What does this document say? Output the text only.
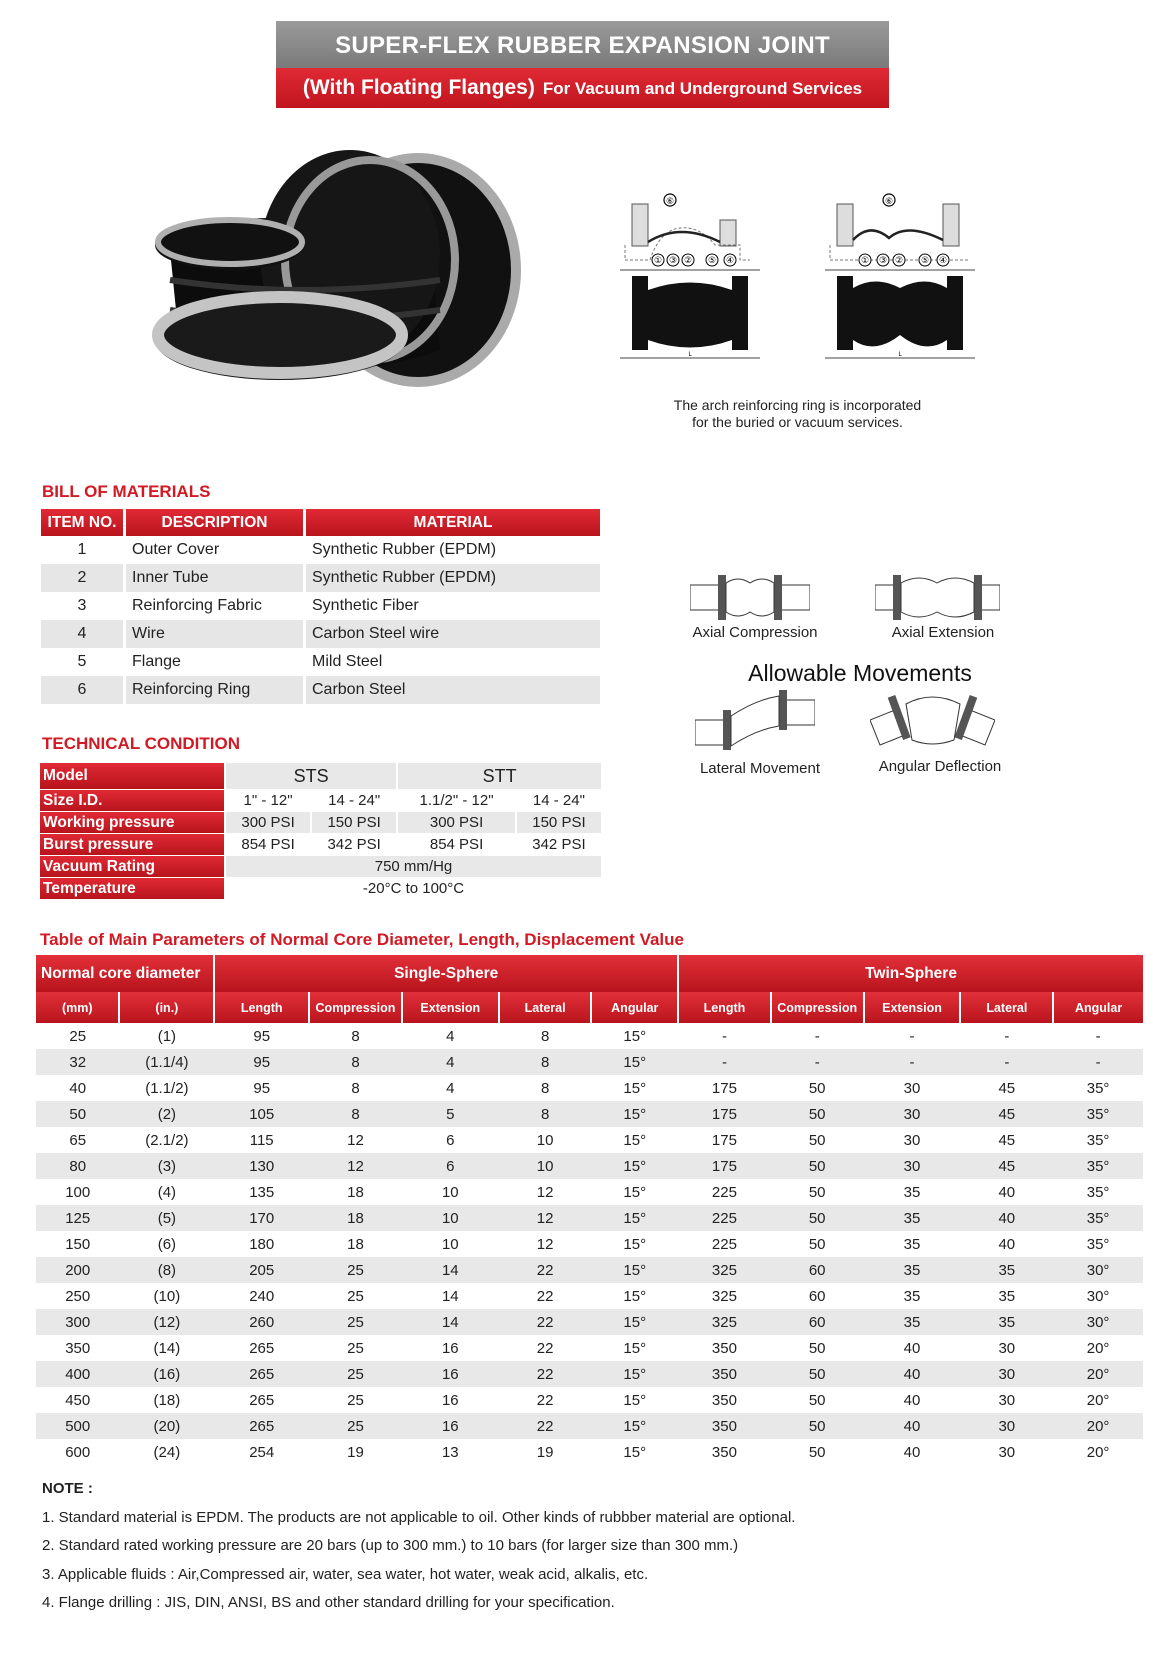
SUPER-FLEX RUBBER EXPANSION JOINT
(With Floating Flanges) For Vacuum and Underground Services
⑥
① ③ ② ⑤ ④
L
⑥
① ③ ② ⑤ ④
L
The arch reinforcing ring is incorporated
for the buried or vacuum services.
BILL OF MATERIALS
ITEM NO.	DESCRIPTION	MATERIAL
1	Outer Cover	Synthetic Rubber (EPDM)
2	Inner Tube	Synthetic Rubber (EPDM)
3	Reinforcing Fabric	Synthetic Fiber
4	Wire	Carbon Steel wire
5	Flange	Mild Steel
6	Reinforcing Ring	Carbon Steel
TECHNICAL CONDITION
Model	STS		STT	
Size I.D.	1" - 12"	14 - 24"	1.1/2" - 12"	14 - 24"
Working pressure	300 PSI	150 PSI	300 PSI	150 PSI
Burst pressure	854 PSI	342 PSI	854 PSI	342 PSI
Vacuum Rating	750 mm/Hg			
Temperature	-20°C to 100°C			
Axial Compression	Axial Extension
Allowable Movements
Lateral Movement	Angular Deflection
Table of Main Parameters of Normal Core Diameter, Length, Displacement Value
Normal core diameter		Single-Sphere					Twin-Sphere				
(mm)	(in.)	Length	Compression	Extension	Lateral	Angular	Length	Compression	Extension	Lateral	Angular
25	(1)	95	8	4	8	15°	-	-	-	-	-
32	(1.1/4)	95	8	4	8	15°	-	-	-	-	-
40	(1.1/2)	95	8	4	8	15°	175	50	30	45	35°
50	(2)	105	8	5	8	15°	175	50	30	45	35°
65	(2.1/2)	115	12	6	10	15°	175	50	30	45	35°
80	(3)	130	12	6	10	15°	175	50	30	45	35°
100	(4)	135	18	10	12	15°	225	50	35	40	35°
125	(5)	170	18	10	12	15°	225	50	35	40	35°
150	(6)	180	18	10	12	15°	225	50	35	40	35°
200	(8)	205	25	14	22	15°	325	60	35	35	30°
250	(10)	240	25	14	22	15°	325	60	35	35	30°
300	(12)	260	25	14	22	15°	325	60	35	35	30°
350	(14)	265	25	16	22	15°	350	50	40	30	20°
400	(16)	265	25	16	22	15°	350	50	40	30	20°
450	(18)	265	25	16	22	15°	350	50	40	30	20°
500	(20)	265	25	16	22	15°	350	50	40	30	20°
600	(24)	254	19	13	19	15°	350	50	40	30	20°
NOTE :
1. Standard material is EPDM. The products are not applicable to oil. Other kinds of rubbber material are optional.
2. Standard rated working pressure are 20 bars (up to 300 mm.) to 10 bars (for larger size than 300 mm.)
3. Applicable fluids : Air,Compressed air, water, sea water, hot water, weak acid, alkalis, etc.
4. Flange drilling : JIS, DIN, ANSI, BS and other standard drilling for your specification.
